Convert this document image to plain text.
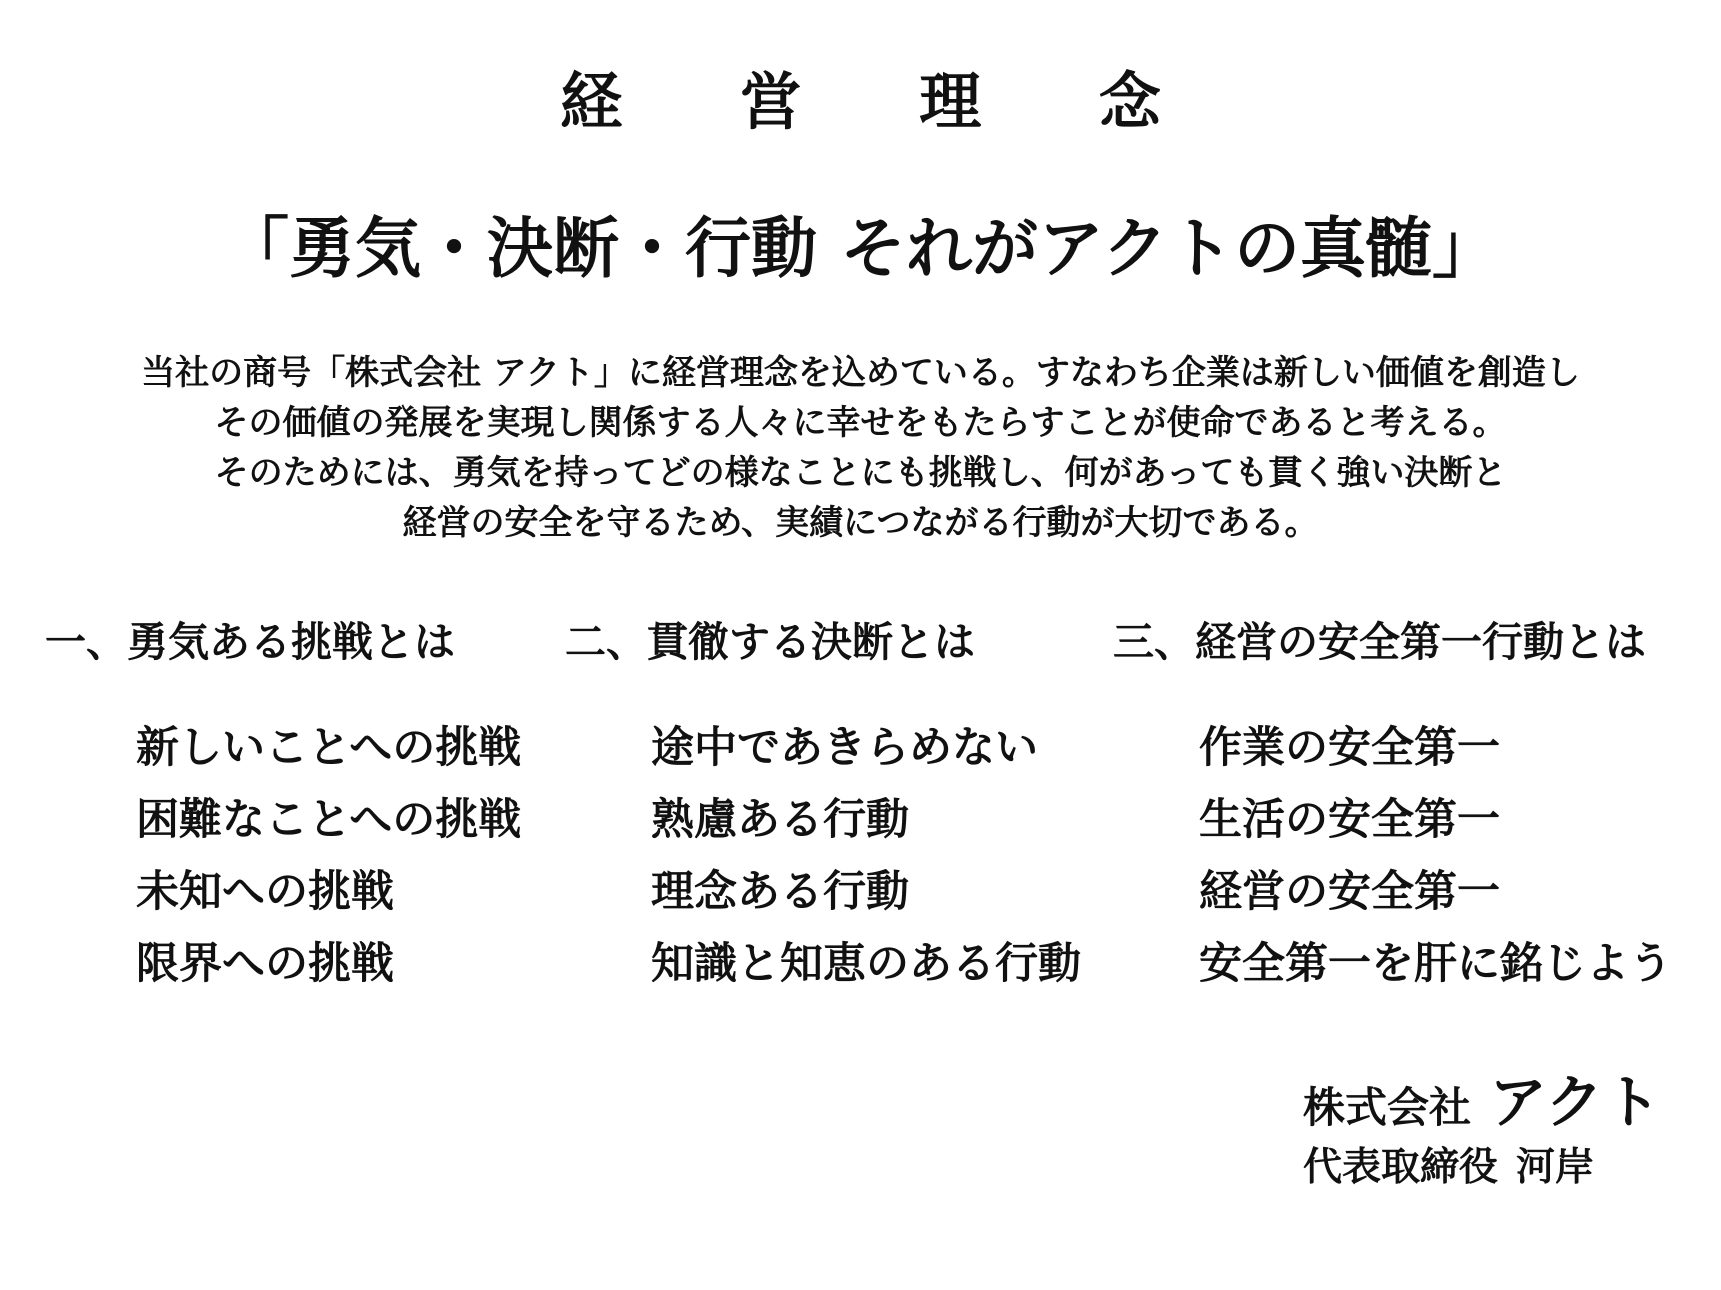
経 営 理 念
「勇気・決断・行動 それがアクトの真髄」
当社の商号「株式会社 アクト」に経営理念を込めている。すなわち企業は新しい価値を創造し
その価値の発展を実現し関係する人々に幸せをもたらすことが使命であると考える。
そのためには、勇気を持ってどの様なことにも挑戦し、何があっても貫く強い決断と
経営の安全を守るため、実績につながる行動が大切である。
一、勇気ある挑戦とは
新しいことへの挑戦
困難なことへの挑戦
未知への挑戦
限界への挑戦
二、貫徹する決断とは
途中であきらめない
熟慮ある行動
理念ある行動
知識と知恵のある行動
三、経営の安全第一行動とは
作業の安全第一
生活の安全第一
経営の安全第一
安全第一を肝に銘じよう
株式会社 アクト
代表取締役 河岸
